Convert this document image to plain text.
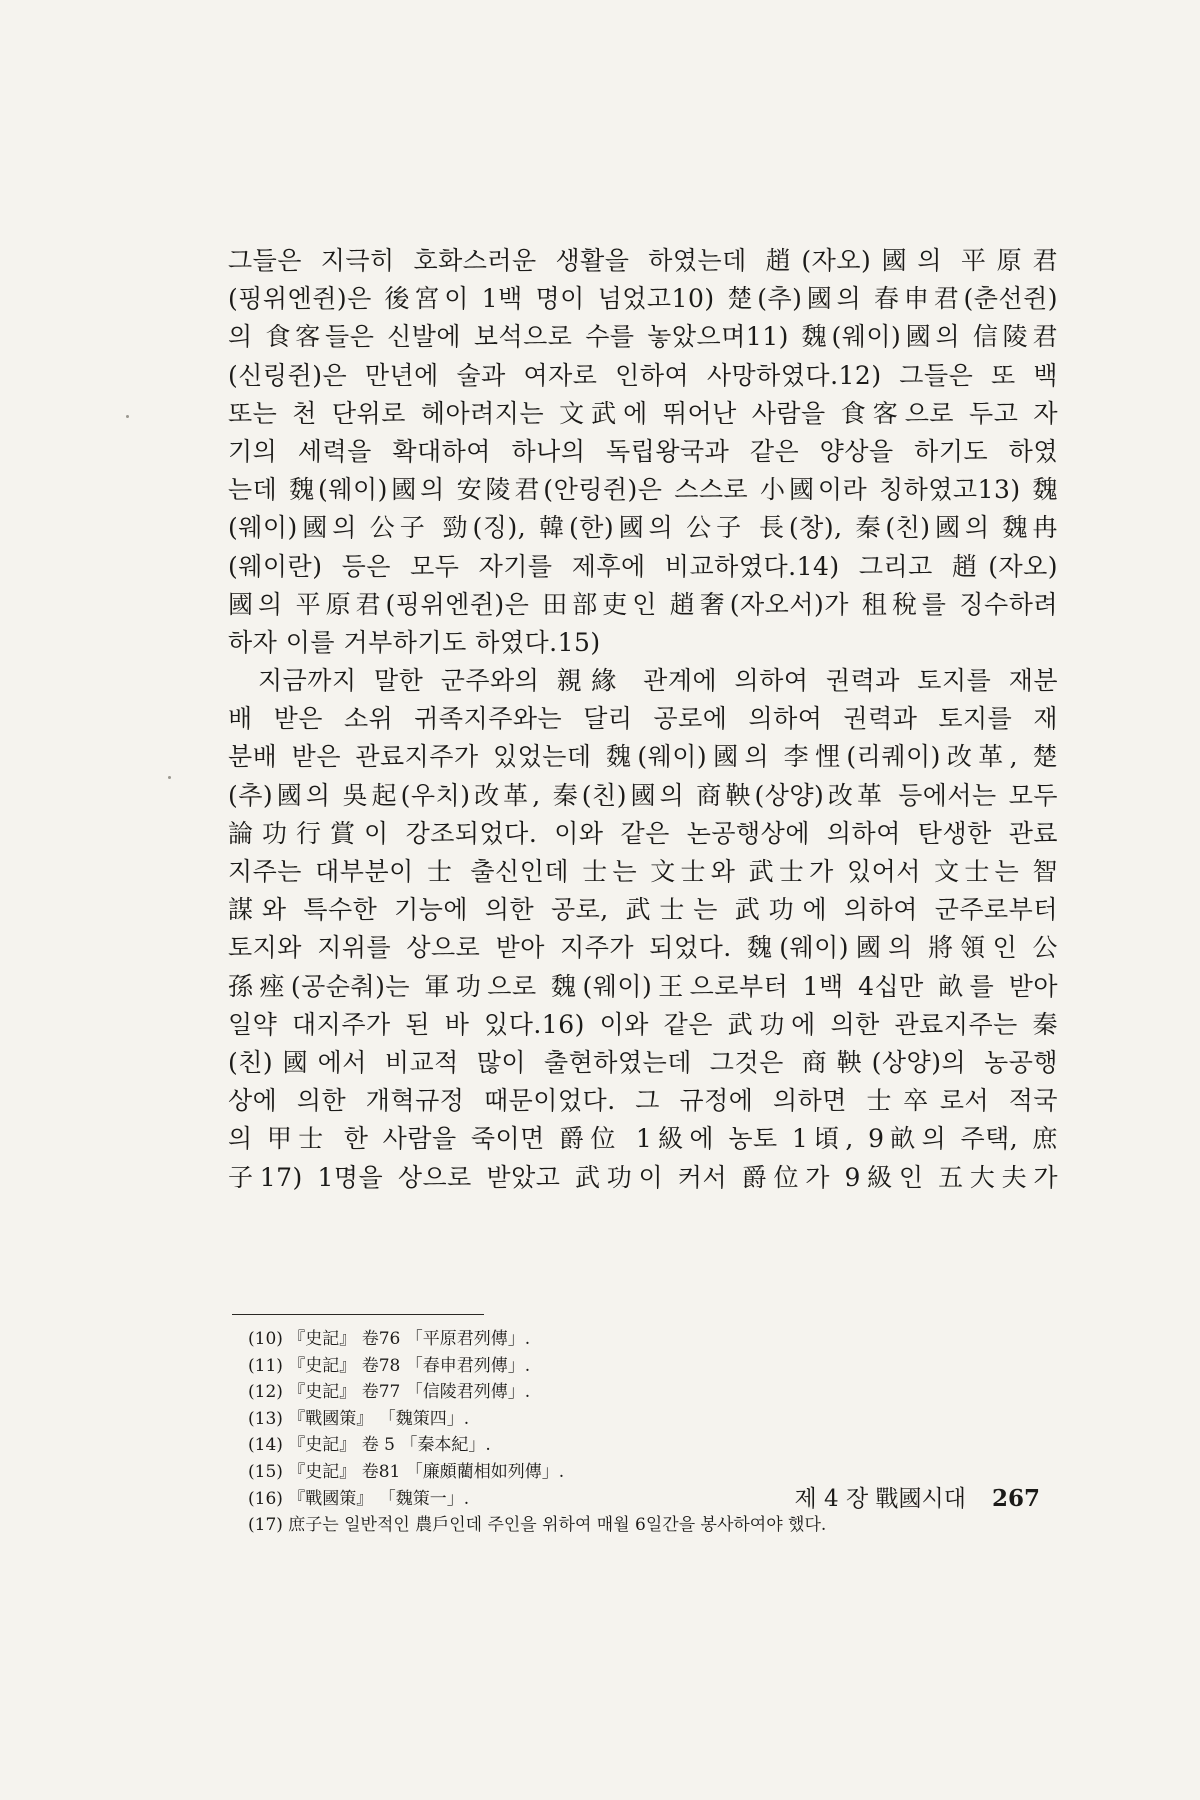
그들은 지극히 호화스러운 생활을 하였는데 趙(자오)國의 平原君
(핑위엔쥔)은 後宮이 1백 명이 넘었고10) 楚(추)國의 春申君(춘선쥔)
의 食客들은 신발에 보석으로 수를 놓았으며11) 魏(웨이)國의 信陵君
(신링쥔)은 만년에 술과 여자로 인하여 사망하였다.12) 그들은 또 백
또는 천 단위로 헤아려지는 文武에 뛰어난 사람을 食客으로 두고 자
기의 세력을 확대하여 하나의 독립왕국과 같은 양상을 하기도 하였
는데 魏(웨이)國의 安陵君(안링쥔)은 스스로 小國이라 칭하였고13) 魏
(웨이)國의 公子 勁(징), 韓(한)國의 公子 長(창), 秦(친)國의 魏冉
(웨이란) 등은 모두 자기를 제후에 비교하였다.14) 그리고 趙(자오)
國의 平原君(핑위엔쥔)은 田部吏인 趙奢(자오서)가 租稅를 징수하려
하자 이를 거부하기도 하였다.15)

지금까지 말한 군주와의 親緣 관계에 의하여 권력과 토지를 재분
배 받은 소위 귀족지주와는 달리 공로에 의하여 권력과 토지를 재
분배 받은 관료지주가 있었는데 魏(웨이)國의 李悝(리퀘이)改革, 楚
(추)國의 吳起(우치)改革, 秦(친)國의 商鞅(상양)改革 등에서는 모두
論功行賞이 강조되었다. 이와 같은 논공행상에 의하여 탄생한 관료
지주는 대부분이 士 출신인데 士는 文士와 武士가 있어서 文士는 智
謀와 특수한 기능에 의한 공로, 武士는 武功에 의하여 군주로부터
토지와 지위를 상으로 받아 지주가 되었다. 魏(웨이)國의 將領인 公
孫痤(공순춰)는 軍功으로 魏(웨이)王으로부터 1백 4십만 畝를 받아
일약 대지주가 된 바 있다.16) 이와 같은 武功에 의한 관료지주는 秦
(친)國에서 비교적 많이 출현하였는데 그것은 商鞅(상양)의 농공행
상에 의한 개혁규정 때문이었다. 그 규정에 의하면 士卒로서 적국
의 甲士 한 사람을 죽이면 爵位 1級에 농토 1頃, 9畝의 주택, 庶
子17) 1명을 상으로 받았고 武功이 커서 爵位가 9級인 五大夫가

(10) 『史記』 卷76 「平原君列傳」.
(11) 『史記』 卷78 「春申君列傳」.
(12) 『史記』 卷77 「信陵君列傳」.
(13) 『戰國策』 「魏策四」.
(14) 『史記』 卷 5 「秦本紀」.
(15) 『史記』 卷81 「廉頗藺相如列傳」.
(16) 『戰國策』 「魏策一」.
(17) 庶子는 일반적인 農戶인데 주인을 위하여 매월 6일간을 봉사하여야 했다.
제 4 장 戰國시대 267
